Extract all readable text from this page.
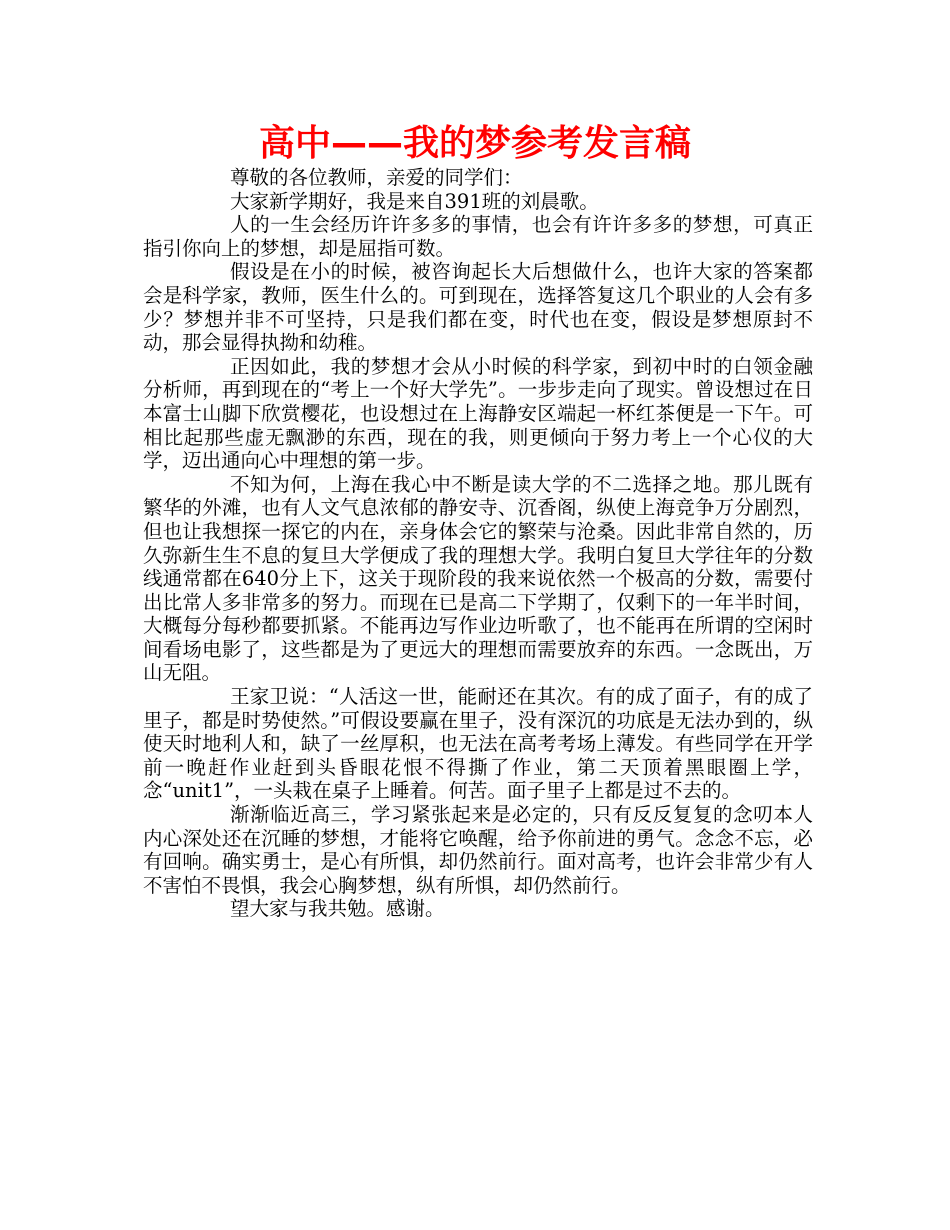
高中——我的梦参考发言稿

尊敬的各位教师，亲爱的同学们：

大家新学期好，我是来自391班的刘晨歌。

人的一生会经历许许多多的事情，也会有许许多多的梦想，可真正指引你向上的梦想，却是屈指可数。

假设是在小的时候，被咨询起长大后想做什么，也许大家的答案都会是科学家，教师，医生什么的。可到现在，选择答复这几个职业的人会有多少？梦想并非不可坚持，只是我们都在变，时代也在变，假设是梦想原封不动，那会显得执拗和幼稚。

正因如此，我的梦想才会从小时候的科学家，到初中时的白领金融分析师，再到现在的“考上一个好大学先”。一步步走向了现实。曾设想过在日本富士山脚下欣赏樱花，也设想过在上海静安区端起一杯红茶便是一下午。可相比起那些虚无飘渺的东西，现在的我，则更倾向于努力考上一个心仪的大学，迈出通向心中理想的第一步。

不知为何，上海在我心中不断是读大学的不二选择之地。那儿既有繁华的外滩，也有人文气息浓郁的静安寺、沉香阁，纵使上海竞争万分剧烈，但也让我想探一探它的内在，亲身体会它的繁荣与沧桑。因此非常自然的，历久弥新生生不息的复旦大学便成了我的理想大学。我明白复旦大学往年的分数线通常都在640分上下，这关于现阶段的我来说依然一个极高的分数，需要付出比常人多非常多的努力。而现在已是高二下学期了，仅剩下的一年半时间，大概每分每秒都要抓紧。不能再边写作业边听歌了，也不能再在所谓的空闲时间看场电影了，这些都是为了更远大的理想而需要放弃的东西。一念既出，万山无阻。

王家卫说：“人活这一世，能耐还在其次。有的成了面子，有的成了里子，都是时势使然。”可假设要赢在里子，没有深沉的功底是无法办到的，纵使天时地利人和，缺了一丝厚积，也无法在高考考场上薄发。有些同学在开学前一晚赶作业赶到头昏眼花恨不得撕了作业，第二天顶着黑眼圈上学，念“unit1”，一头栽在桌子上睡着。何苦。面子里子上都是过不去的。

渐渐临近高三，学习紧张起来是必定的，只有反反复复的念叨本人内心深处还在沉睡的梦想，才能将它唤醒，给予你前进的勇气。念念不忘，必有回响。确实勇士，是心有所惧，却仍然前行。面对高考，也许会非常少有人不害怕不畏惧，我会心胸梦想，纵有所惧，却仍然前行。

望大家与我共勉。感谢。
